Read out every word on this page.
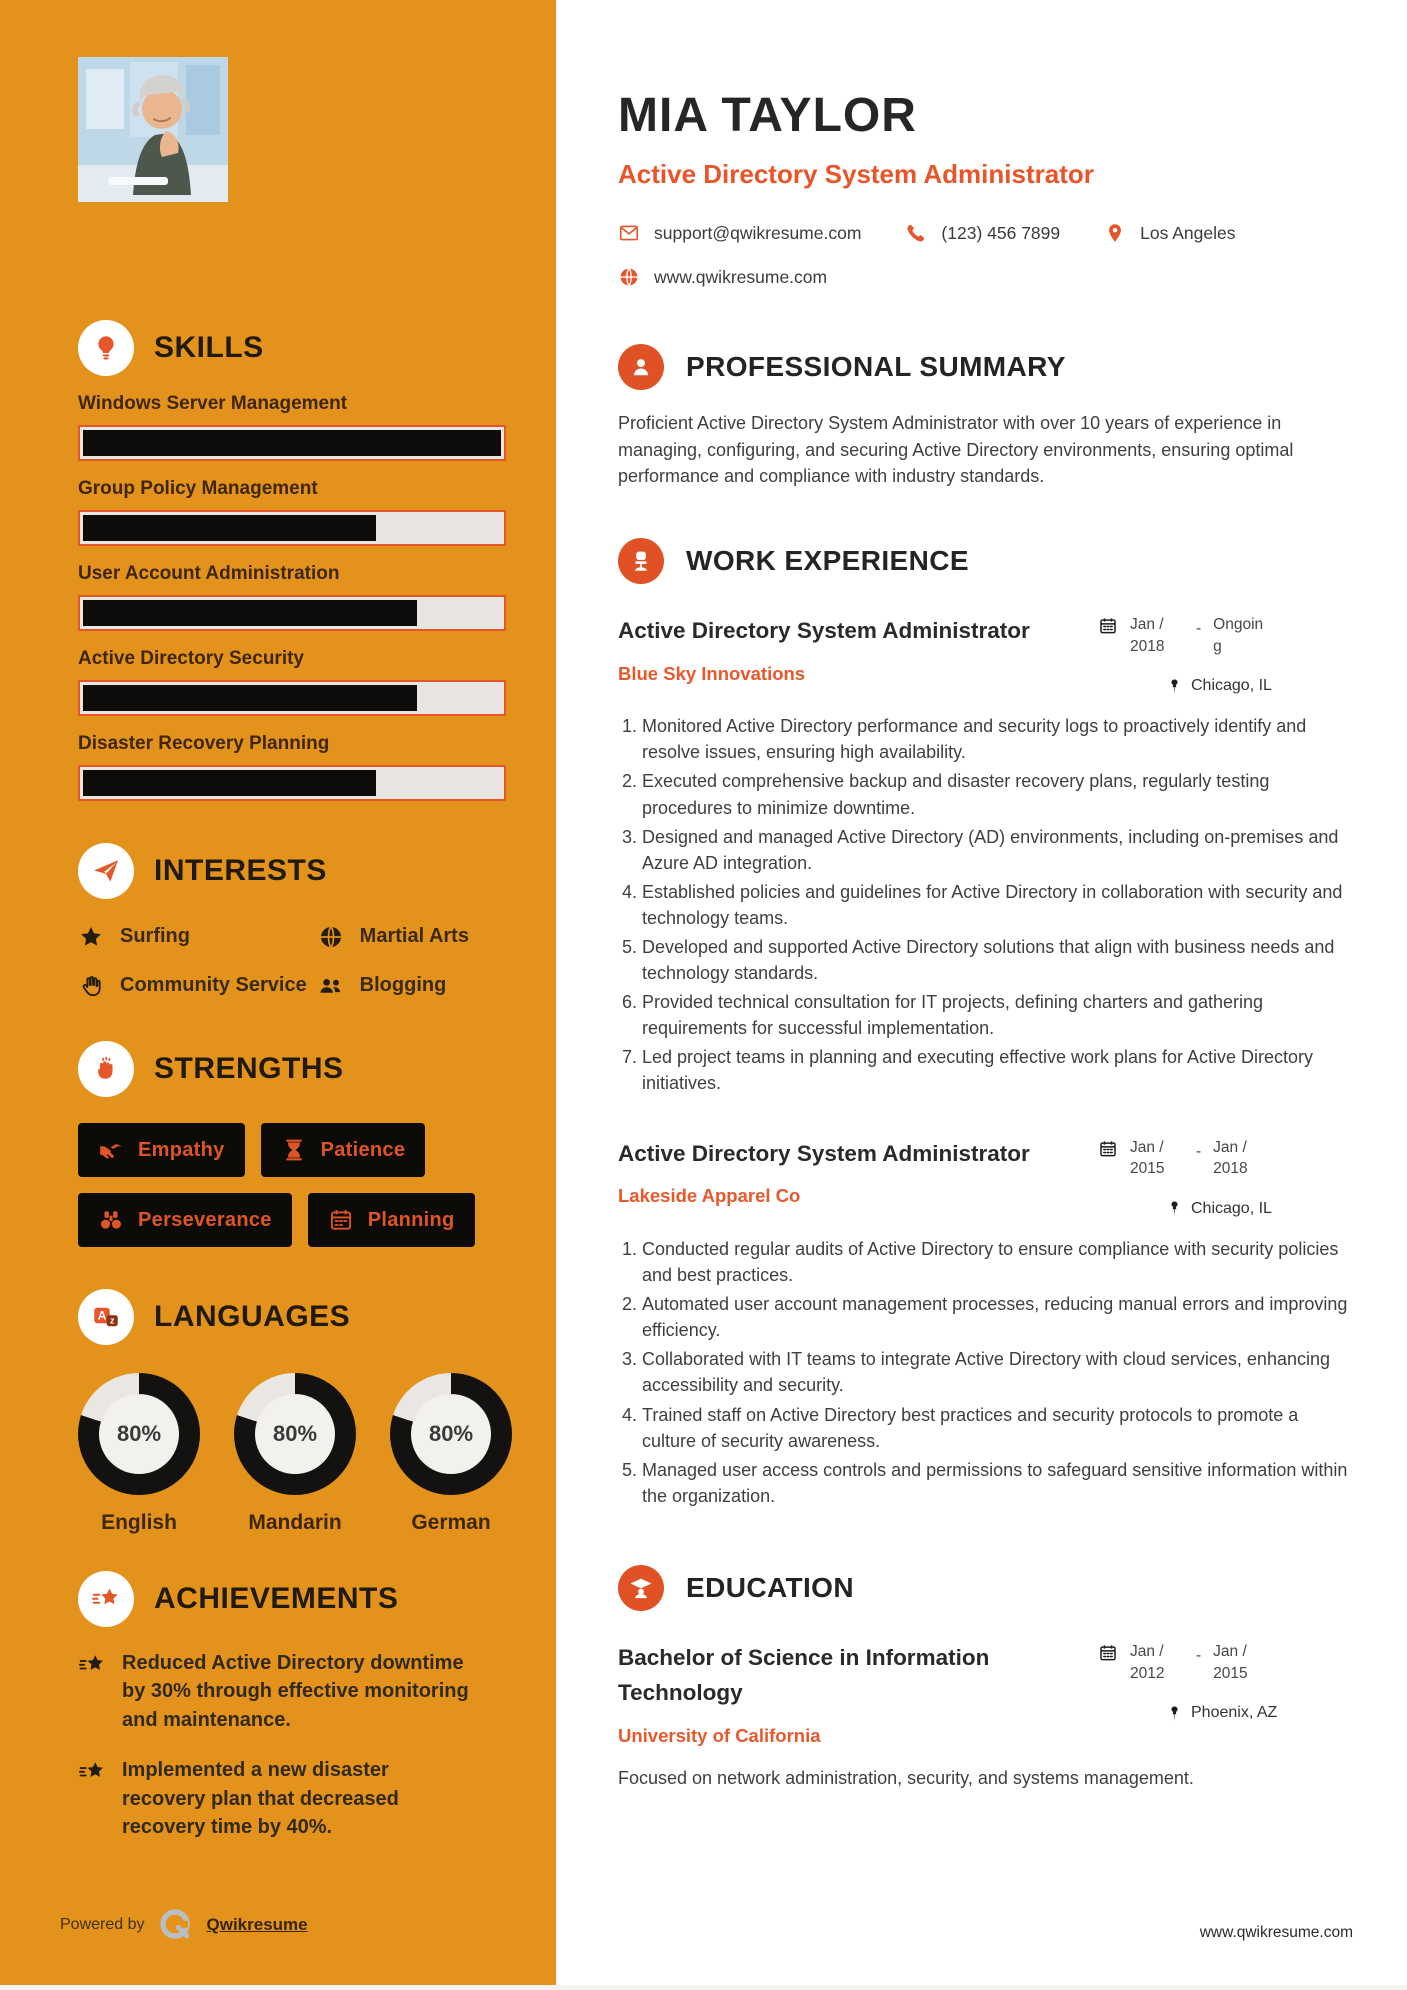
SKILLS
Windows Server Management
Group Policy Management
User Account Administration
Active Directory Security
Disaster Recovery Planning
INTERESTS
Surfing	Martial Arts
Community Service	Blogging
STRENGTHS
Empathy	Patience
Perseverance	Planning
A z LANGUAGES
80%
English
80%
Mandarin
80%
German
ACHIEVEMENTS

Reduced Active Directory downtime by 30% through effective monitoring and maintenance.

Implemented a new disaster recovery plan that decreased recovery time by 40%.

Powered by	Qwikresume
MIA TAYLOR

Active Directory System Administrator

support@qwikresume.com	(123) 456 7899	Los Angeles
www.qwikresume.com
PROFESSIONAL SUMMARY

Proficient Active Directory System Administrator with over 10 years of experience in managing, configuring, and securing Active Directory environments, ensuring optimal performance and compliance with industry standards.

WORK EXPERIENCE
Active Directory System Administrator

Blue Sky Innovations

Jan / 2018
- Ongoing
Chicago, IL
1. Monitored Active Directory performance and security logs to proactively identify and resolve issues, ensuring high availability.
2. Executed comprehensive backup and disaster recovery plans, regularly testing procedures to minimize downtime.
3. Designed and managed Active Directory (AD) environments, including on-premises and Azure AD integration.
4. Established policies and guidelines for Active Directory in collaboration with security and technology teams.
5. Developed and supported Active Directory solutions that align with business needs and technology standards.
6. Provided technical consultation for IT projects, defining charters and gathering requirements for successful implementation.
7. Led project teams in planning and executing effective work plans for Active Directory initiatives.
Active Directory System Administrator

Lakeside Apparel Co

Jan / 2015
- Jan / 2018
Chicago, IL
1. Conducted regular audits of Active Directory to ensure compliance with security policies and best practices.
2. Automated user account management processes, reducing manual errors and improving efficiency.
3. Collaborated with IT teams to integrate Active Directory with cloud services, enhancing accessibility and security.
4. Trained staff on Active Directory best practices and security protocols to promote a culture of security awareness.
5. Managed user access controls and permissions to safeguard sensitive information within the organization.
EDUCATION
Bachelor of Science in Information Technology

University of California

Jan / 2012
- Jan / 2015
Phoenix, AZ

Focused on network administration, security, and systems management.

www.qwikresume.com
